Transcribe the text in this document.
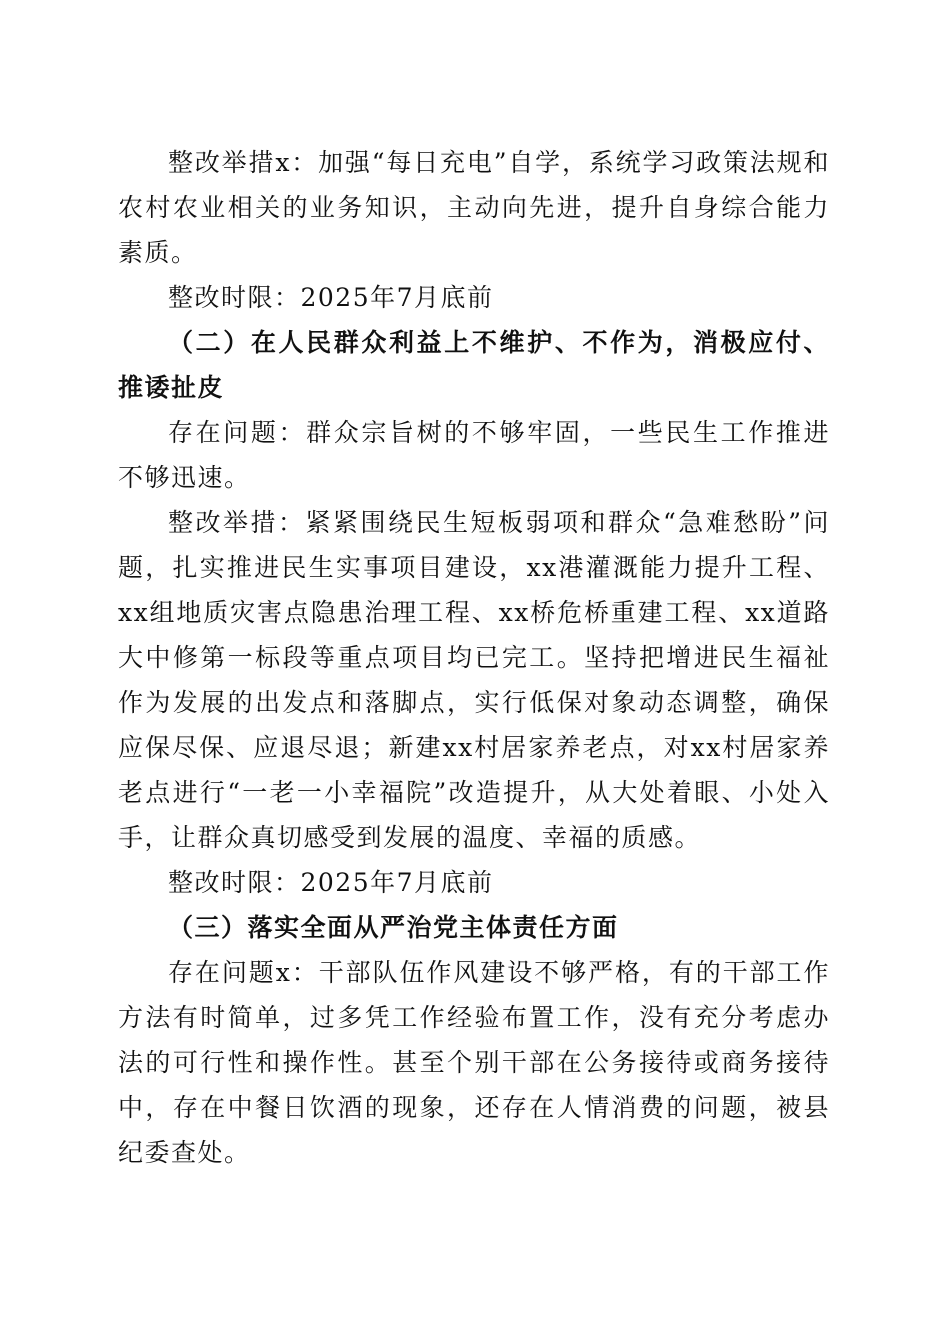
整改举措x：加强“每日充电”自学，系统学习政策法规和农村农业相关的业务知识，主动向先进，提升自身综合能力素质。

整改时限：2025年7月底前

（二）在人民群众利益上不维护、不作为，消极应付、推诿扯皮

存在问题：群众宗旨树的不够牢固，一些民生工作推进不够迅速。

整改举措：紧紧围绕民生短板弱项和群众“急难愁盼”问题，扎实推进民生实事项目建设，xx港灌溉能力提升工程、xx组地质灾害点隐患治理工程、xx桥危桥重建工程、xx道路大中修第一标段等重点项目均已完工。坚持把增进民生福祉作为发展的出发点和落脚点，实行低保对象动态调整，确保应保尽保、应退尽退；新建xx村居家养老点，对xx村居家养老点进行“一老一小幸福院”改造提升，从大处着眼、小处入手，让群众真切感受到发展的温度、幸福的质感。

整改时限：2025年7月底前

（三）落实全面从严治党主体责任方面

存在问题x：干部队伍作风建设不够严格，有的干部工作方法有时简单，过多凭工作经验布置工作，没有充分考虑办法的可行性和操作性。甚至个别干部在公务接待或商务接待中，存在中餐日饮酒的现象，还存在人情消费的问题，被县纪委查处。
